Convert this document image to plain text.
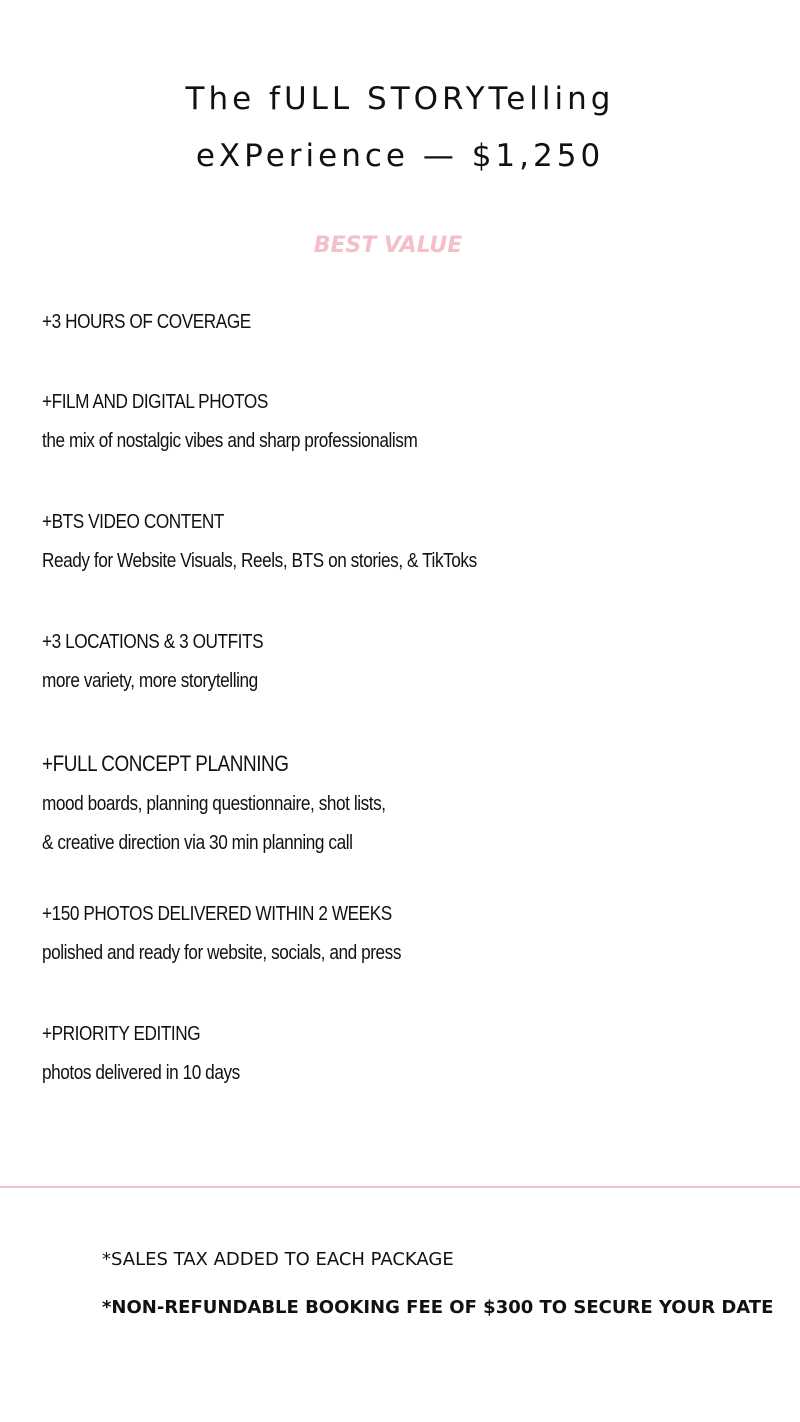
The fULL STORYTelling
eXPerience — $1,250
BEST VALUE
+3 HOURS OF COVERAGE
+FILM AND DIGITAL PHOTOS
the mix of nostalgic vibes and sharp professionalism
+BTS VIDEO CONTENT
Ready for Website Visuals, Reels, BTS on stories, & TikToks
+3 LOCATIONS & 3 OUTFITS
more variety, more storytelling
+FULL CONCEPT PLANNING
mood boards, planning questionnaire, shot lists,
& creative direction via 30 min planning call
+150 PHOTOS DELIVERED WITHIN 2 WEEKS
polished and ready for website, socials, and press
+PRIORITY EDITING
photos delivered in 10 days
*SALES TAX ADDED TO EACH PACKAGE
*NON-REFUNDABLE BOOKING FEE OF $300 TO SECURE YOUR DATE
